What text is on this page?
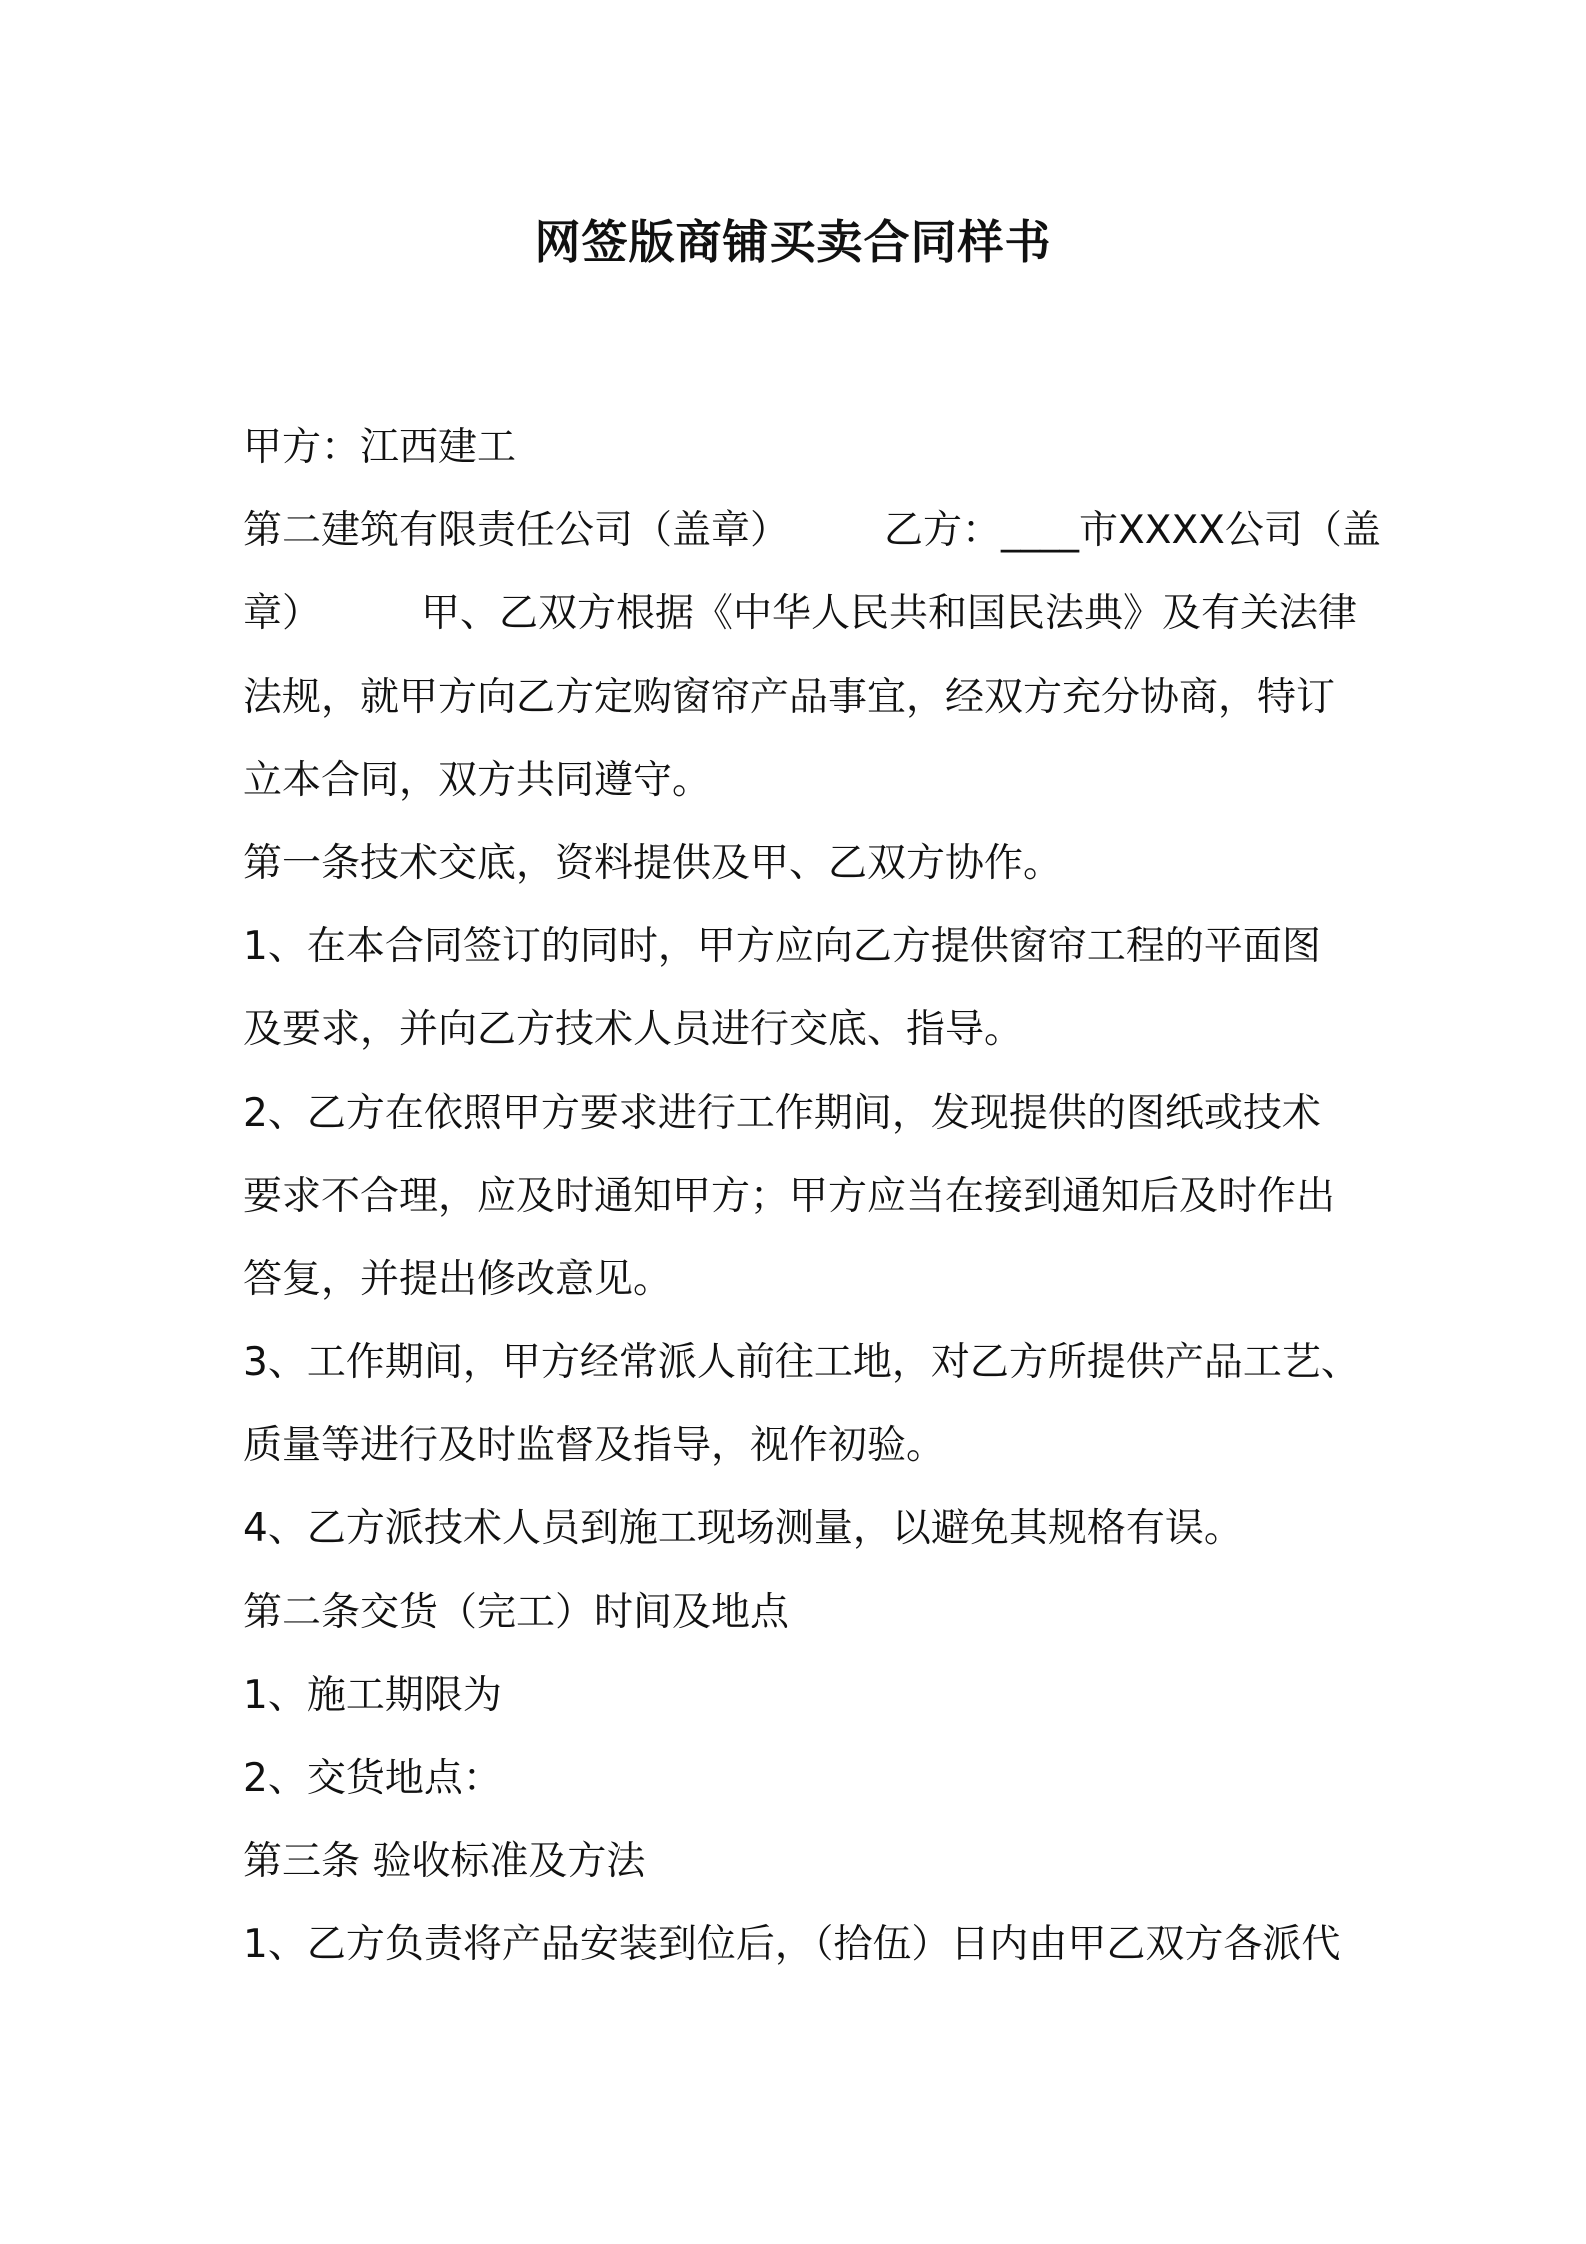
网签版商铺买卖合同样书
甲方：江西建工
第二建筑有限责任公司（盖章） 乙方：____市XXXX公司（盖
章）	甲、乙双方根据《中华人民共和国民法典》及有关法律
法规，就甲方向乙方定购窗帘产品事宜，经双方充分协商，特订
立本合同，双方共同遵守。
第一条技术交底，资料提供及甲、乙双方协作。
1、在本合同签订的同时，甲方应向乙方提供窗帘工程的平面图
及要求，并向乙方技术人员进行交底、指导。
2、乙方在依照甲方要求进行工作期间，发现提供的图纸或技术
要求不合理，应及时通知甲方；甲方应当在接到通知后及时作出
答复，并提出修改意见。
3、工作期间，甲方经常派人前往工地，对乙方所提供产品工艺、
质量等进行及时监督及指导，视作初验。
4、乙方派技术人员到施工现场测量，以避免其规格有误。
第二条交货（完工）时间及地点
1、施工期限为
2、交货地点：
第三条 验收标准及方法
1、乙方负责将产品安装到位后，（拾伍）日内由甲乙双方各派代
